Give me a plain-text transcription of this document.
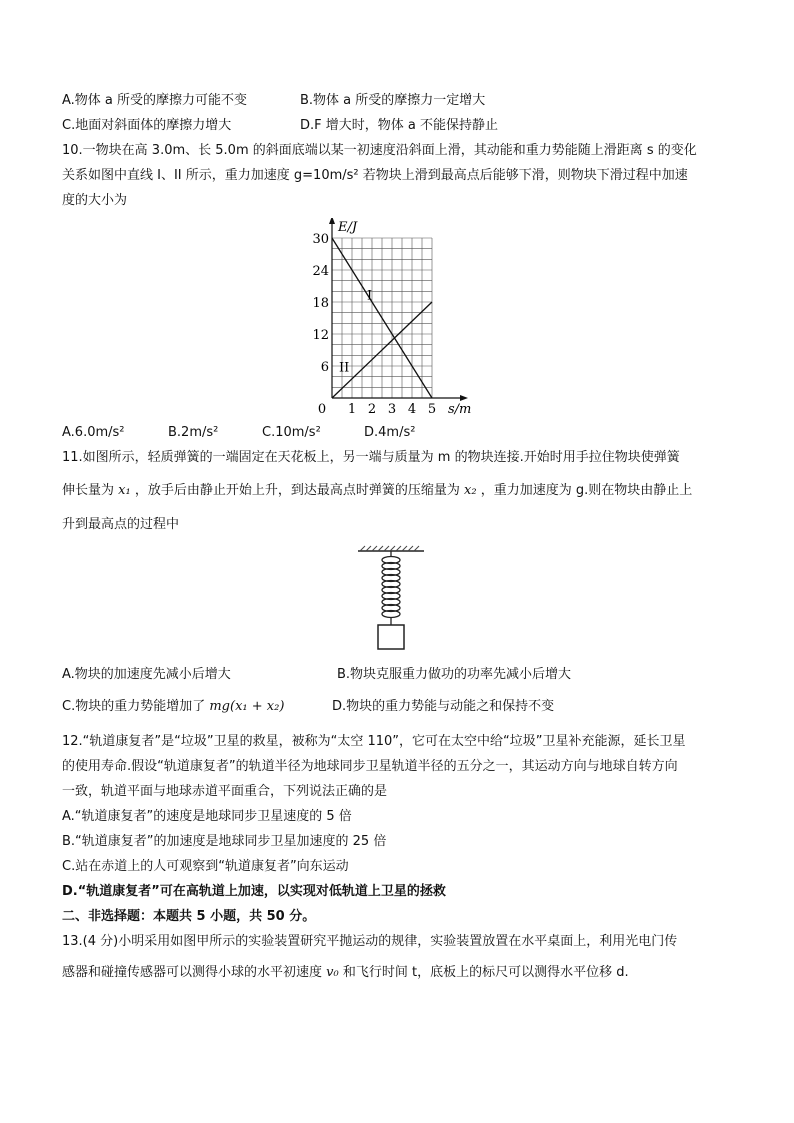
A.物体 a 所受的摩擦力可能不变	B.物体 a 所受的摩擦力一定增大
C.地面对斜面体的摩擦力增大	D.F 增大时，物体 a 不能保持静止
10.一物块在高 3.0m、长 5.0m 的斜面底端以某一初速度沿斜面上滑，其动能和重力势能随上滑距离 s 的变化
关系如图中直线 I、II 所示，重力加速度 g=10m/s² 若物块上滑到最高点后能够下滑，则物块下滑过程中加速
度的大小为
0 1 2 3 4 5
6
12
18
24
30
E/J
s/m
I
II
A.6.0m/s²	B.2m/s²	C.10m/s²	D.4m/s²
11.如图所示，轻质弹簧的一端固定在天花板上，另一端与质量为 m 的物块连接.开始时用手拉住物块使弹簧
伸长量为 x₁ ，放手后由静止开始上升，到达最高点时弹簧的压缩量为 x₂ ，重力加速度为 g.则在物块由静止上
升到最高点的过程中
A.物块的加速度先减小后增大	B.物块克服重力做功的功率先减小后增大
C.物块的重力势能增加了 mg(x₁ + x₂)	D.物块的重力势能与动能之和保持不变
12.“轨道康复者”是“垃圾”卫星的救星，被称为“太空 110”，它可在太空中给“垃圾”卫星补充能源，延长卫星
的使用寿命.假设“轨道康复者”的轨道半径为地球同步卫星轨道半径的五分之一，其运动方向与地球自转方向
一致，轨道平面与地球赤道平面重合，下列说法正确的是
A.“轨道康复者”的速度是地球同步卫星速度的 5 倍
B.“轨道康复者”的加速度是地球同步卫星加速度的 25 倍
C.站在赤道上的人可观察到“轨道康复者”向东运动
D.“轨道康复者”可在高轨道上加速，以实现对低轨道上卫星的拯救
二、非选择题：本题共 5 小题，共 50 分。
13.(4 分)小明采用如图甲所示的实验装置研究平抛运动的规律，实验装置放置在水平桌面上，利用光电门传
感器和碰撞传感器可以测得小球的水平初速度 v₀ 和飞行时间 t，底板上的标尺可以测得水平位移 d.
